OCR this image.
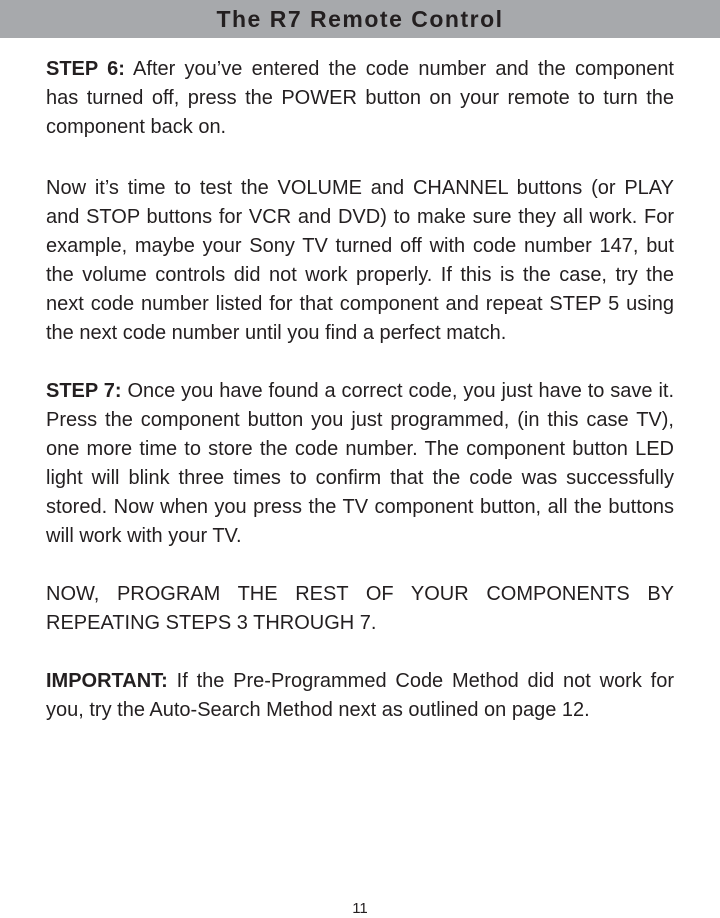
The R7 Remote Control

STEP 6: After you’ve entered the code number and the component has turned off, press the POWER button on your remote to turn the component back on.

Now it’s time to test the VOLUME and CHANNEL buttons (or PLAY and STOP buttons for VCR and DVD) to make sure they all work. For example, maybe your Sony TV turned off with code number 147, but the volume controls did not work properly. If this is the case, try the next code number listed for that component and repeat STEP 5 using the next code number until you find a perfect match.

STEP 7: Once you have found a correct code, you just have to save it. Press the component button you just programmed, (in this case TV), one more time to store the code number. The component button LED light will blink three times to confirm that the code was successfully stored. Now when you press the TV component button, all the buttons will work with your TV.

NOW, PROGRAM THE REST OF YOUR COMPONENTS BY REPEATING STEPS 3 THROUGH 7.

IMPORTANT: If the Pre-Programmed Code Method did not work for you, try the Auto-Search Method next as outlined on page 12.

11
